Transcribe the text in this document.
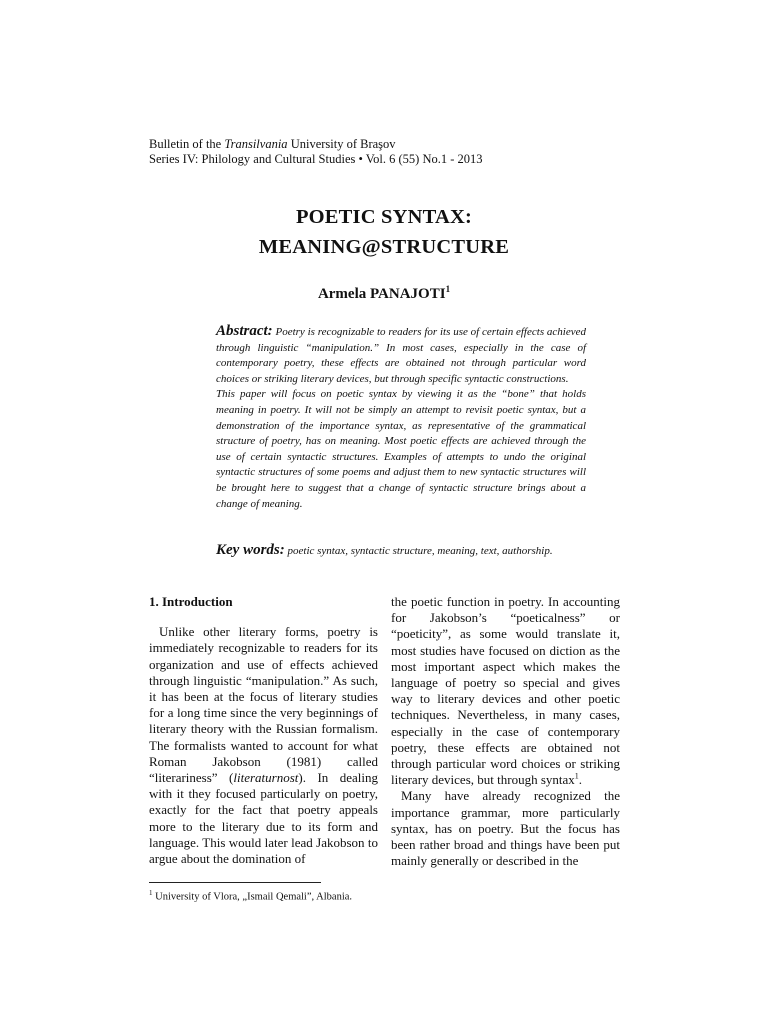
Bulletin of the Transilvania University of Braşov
Series IV: Philology and Cultural Studies • Vol. 6 (55) No.1 - 2013
POETIC SYNTAX:
MEANING@STRUCTURE
Armela PANAJOTI$^1$

Abstract: Poetry is recognizable to readers for its use of certain effects achieved through linguistic “manipulation.” In most cases, especially in the case of contemporary poetry, these effects are obtained not through particular word choices or striking literary devices, but through specific syntactic constructions.

This paper will focus on poetic syntax by viewing it as the “bone” that holds meaning in poetry. It will not be simply an attempt to revisit poetic syntax, but a demonstration of the importance syntax, as representative of the grammatical structure of poetry, has on meaning. Most poetic effects are achieved through the use of certain syntactic structures. Examples of attempts to undo the original syntactic structures of some poems and adjust them to new syntactic structures will be brought here to suggest that a change of syntactic structure brings about a change of meaning.

Key words: poetic syntax, syntactic structure, meaning, text, authorship.

1. Introduction

Unlike other literary forms, poetry is immediately recognizable to readers for its organization and use of effects achieved through linguistic “manipulation.” As such, it has been at the focus of literary studies for a long time since the very beginnings of literary theory with the Russian formalism. The formalists wanted to account for what Roman Jakobson (1981) called “literariness” (literaturnost). In dealing with it they focused particularly on poetry, exactly for the fact that poetry appeals more to the literary due to its form and language. This would later lead Jakobson to argue about the domination of

the poetic function in poetry. In accounting for Jakobson’s “poeticalness” or “poeticity”, as some would translate it, most studies have focused on diction as the most important aspect which makes the language of poetry so special and gives way to literary devices and other poetic techniques. Nevertheless, in many cases, especially in the case of contemporary poetry, these effects are obtained not through particular word choices or striking literary devices, but through syntax$^1$.

Many have already recognized the importance grammar, more particularly syntax, has on poetry. But the focus has been rather broad and things have been put mainly generally or described in the

$^1$ University of Vlora, „Ismail Qemali”, Albania.
